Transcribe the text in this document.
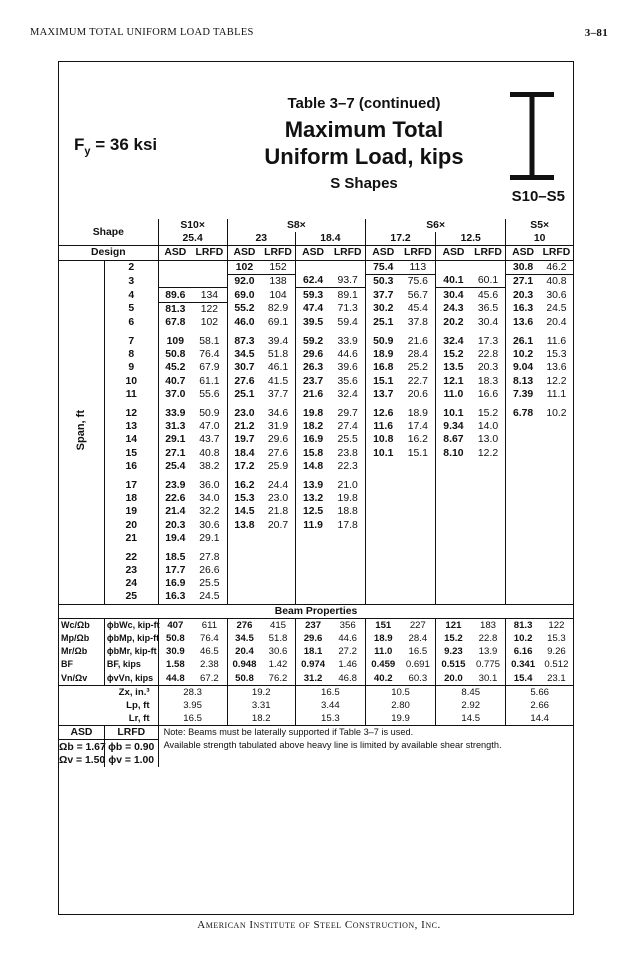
MAXIMUM TOTAL UNIFORM LOAD TABLES	3–81
$F_y = 36$ ksi
Table 3–7 (continued)
Maximum Total
Uniform Load, kips
S Shapes
S10–S5
Shape		S10×		S8×				S6×				S5×	
		25.4		23		18.4		17.2		12.5		10	
Design		ASD	LRFD	ASD	LRFD	ASD	LRFD	ASD	LRFD	ASD	LRFD	ASD	LRFD
Span, ft	2			102	152			75.4	113			30.8	46.2
	3			92.0	138	62.4	93.7	50.3	75.6	40.1	60.1	27.1	40.8
	4	89.6	134	69.0	104	59.3	89.1	37.7	56.7	30.4	45.6	20.3	30.6
	5	81.3	122	55.2	82.9	47.4	71.3	30.2	45.4	24.3	36.5	16.3	24.5
	6	67.8	102	46.0	69.1	39.5	59.4	25.1	37.8	20.2	30.4	13.6	20.4

	7	109	58.1	87.3	39.4	59.2	33.9	50.9	21.6	32.4	17.3	26.1	11.6
	8	50.8	76.4	34.5	51.8	29.6	44.6	18.9	28.4	15.2	22.8	10.2	15.3
	9	45.2	67.9	30.7	46.1	26.3	39.6	16.8	25.2	13.5	20.3	9.04	13.6
	10	40.7	61.1	27.6	41.5	23.7	35.6	15.1	22.7	12.1	18.3	8.13	12.2
	11	37.0	55.6	25.1	37.7	21.6	32.4	13.7	20.6	11.0	16.6	7.39	11.1

	12	33.9	50.9	23.0	34.6	19.8	29.7	12.6	18.9	10.1	15.2	6.78	10.2
	13	31.3	47.0	21.2	31.9	18.2	27.4	11.6	17.4	9.34	14.0		
	14	29.1	43.7	19.7	29.6	16.9	25.5	10.8	16.2	8.67	13.0		
	15	27.1	40.8	18.4	27.6	15.8	23.8	10.1	15.1	8.10	12.2		
	16	25.4	38.2	17.2	25.9	14.8	22.3						

	17	23.9	36.0	16.2	24.4	13.9	21.0						
	18	22.6	34.0	15.3	23.0	13.2	19.8						
	19	21.4	32.2	14.5	21.8	12.5	18.8						
	20	20.3	30.6	13.8	20.7	11.9	17.8						
	21	19.4	29.1										

	22	18.5	27.8										
	23	17.7	26.6										
	24	16.9	25.5										
	25	16.3	24.5										
Beam Properties													
Wc/Ωb	ϕbWc, kip-ft	407	611	276	415	237	356	151	227	121	183	81.3	122
Mp/Ωb	ϕbMp, kip-ft	50.8	76.4	34.5	51.8	29.6	44.6	18.9	28.4	15.2	22.8	10.2	15.3
Mr/Ωb	ϕbMr, kip-ft	30.9	46.5	20.4	30.6	18.1	27.2	11.0	16.5	9.23	13.9	6.16	9.26
BF	BF, kips	1.58	2.38	0.948	1.42	0.974	1.46	0.459	0.691	0.515	0.775	0.341	0.512
Vn/Ωv	ϕvVn, kips	44.8	67.2	50.8	76.2	31.2	46.8	40.2	60.3	20.0	30.1	15.4	23.1
Zx, in.³		28.3		19.2		16.5		10.5		8.45		5.66	
Lp, ft		3.95		3.31		3.44		2.80		2.92		2.66	
Lr, ft		16.5		18.2		15.3		19.9		14.5		14.4	
ASD	LRFD	Note: Beams must be laterally supported if Table 3–7 is used.
Available strength tabulated above heavy line is limited by available shear strength.											

Ωb = 1.67	ϕb = 0.90												
Ωv = 1.50	ϕv = 1.00												
American Institute of Steel Construction, Inc.
